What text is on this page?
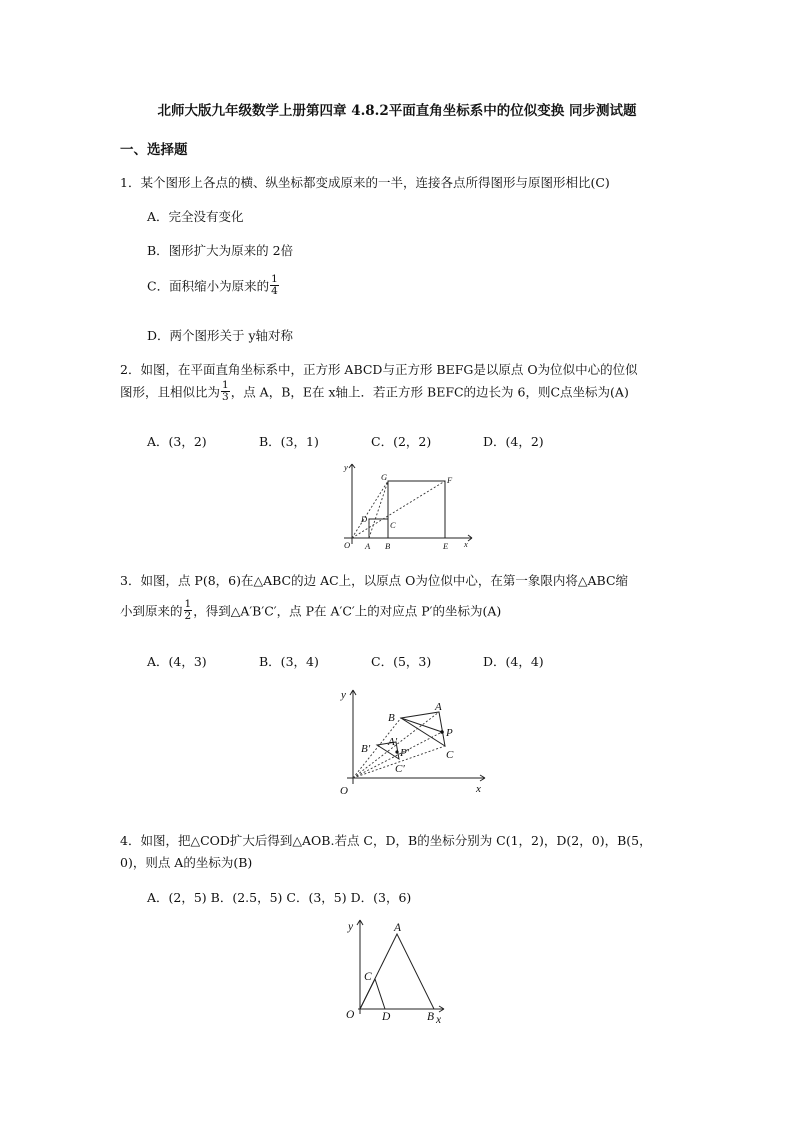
北师大版九年级数学上册第四章 4.8.2平面直角坐标系中的位似变换 同步测试题
一、选择题
1．某个图形上各点的横、纵坐标都变成原来的一半，连接各点所得图形与原图形相比(C)
A．完全没有变化
B．图形扩大为原来的 2倍
C．面积缩小为原来的 $\frac{1}{4}$
D．两个图形关于 y轴对称
2．如图，在平面直角坐标系中，正方形 ABCD与正方形 BEFG是以原点 O为位似中心的位似
图形，且相似比为 $\frac{1}{3}$ ，点 A，B，E在 x轴上．若正方形 BEFC的边长为 6，则C点坐标为(A)
A．(3，2)	B．(3，1)	C．(2，2)	D．(4，2)
y
x
O A B	E
C
D
G	F
3．如图，点 P(8，6)在△ABC的边 AC上，以原点 O为位似中心，在第一象限内将△ABC缩
小到原来的 $\frac{1}{2}$ ，得到△A′B′C′，点 P在 A′C′上的对应点 P′的坐标为(A)
A．(4，3)	B．(3，4)	C．(5，3)	D．(4，4)
y
x
O
A
B
C
P
A′
B′
C′
P′
4．如图，把△COD扩大后得到△AOB.若点 C，D，B的坐标分别为 C(1，2)，D(2，0)，B(5，
0)，则点 A的坐标为(B)
A．(2，5) B．(2.5，5) C．(3，5) D．(3，6)
y
x
O
A
C
D	B
